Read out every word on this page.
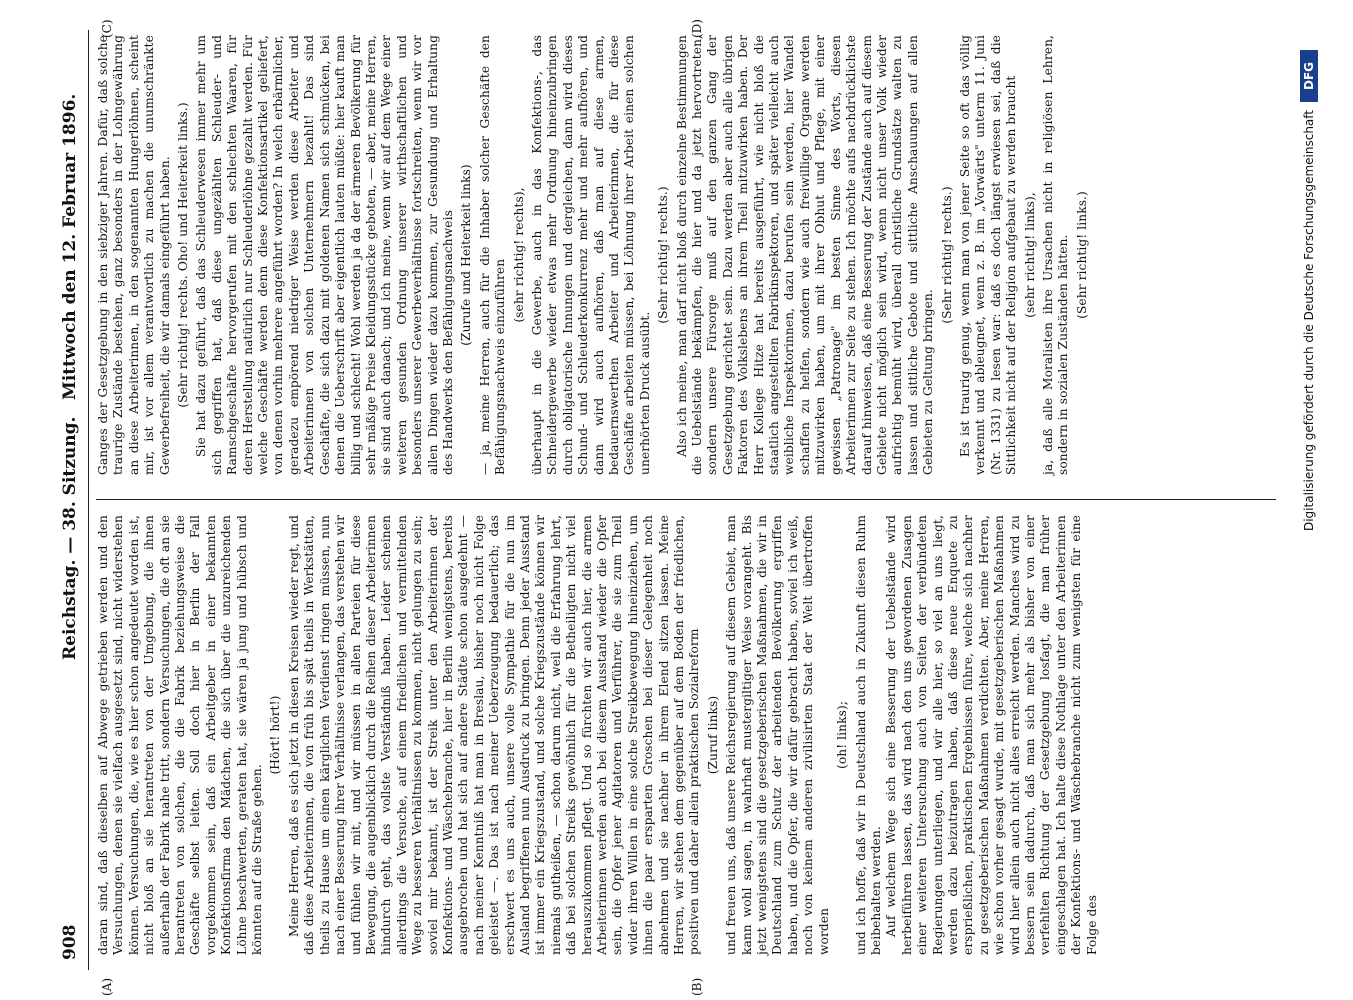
908
Reichstag. — 38. Sitzung.
Mittwoch den 12. Februar 1896.
(A)	(B)
(C)	(D)

daran sind, daß dieselben auf Abwege getrieben werden und den Versuchungen, denen sie vielfach ausgesetzt sind, nicht widerstehen können. Versuchungen, die, wie es hier schon angedeutet worden ist, nicht bloß an sie herantreten von der Umgebung, die ihnen außerhalb der Fabrik nahe tritt, sondern Versuchungen, die oft an sie herantreten von solchen, die die Fabrik beziehungsweise die Geschäfte selbst leiten. Soll doch hier in Berlin der Fall vorgekommen sein, daß ein Arbeitgeber in einer bekannten Konfektionsfirma den Mädchen, die sich über die unzureichenden Löhne beschwerten, geraten hat, sie wären ja jung und hübsch und könnten auf die Straße gehen.

(Hört! hört!) Meine Herren, daß es sich jetzt in diesen Kreisen wieder regt, und daß diese Arbeiterinnen, die von früh bis spät theils in Werkstätten, theils zu Hause um einen kärglichen Verdienst ringen müssen, nun nach einer Besserung ihrer Verhältnisse verlangen, das verstehen wir und fühlen wir mit, und wir müssen in allen Parteien für diese Bewegung, die augenblicklich durch die Reihen dieser Arbeiterinnen hindurch geht, das vollste Verständniß haben. Leider scheinen allerdings die Versuche, auf einem friedlichen und vermittelnden Wege zu besseren Verhältnissen zu kommen, nicht gelungen zu sein; soviel mir bekannt, ist der Streik unter den Arbeiterinnen der Konfektions- und Wäschebranche, hier in Berlin wenigstens, bereits ausgebrochen und hat sich auf andere Städte schon ausgedehnt — nach meiner Kenntniß hat man in Breslau, bisher noch nicht Folge geleistet —. Das ist nach meiner Ueberzeugung bedauerlich; das erschwert es uns auch, unsere volle Sympathie für die nun im Ausland begriffenen nun Ausdruck zu bringen. Denn jeder Ausstand ist immer ein Kriegszustand, und solche Kriegszustände können wir niemals gutheißen, — schon darum nicht, weil die Erfahrung lehrt, daß bei solchen Streiks gewöhnlich für die Betheiligten nicht viel herauszukommen pflegt. Und so fürchten wir auch hier, die armen Arbeiterinnen werden auch bei diesem Ausstand wieder die Opfer sein, die Opfer jener Agitatoren und Verführer, die sie zum Theil wider ihren Willen in eine solche Streikbewegung hineinziehen, um ihnen die paar ersparten Groschen bei dieser Gelegenheit noch abnehmen und sie nachher in ihrem Elend sitzen lassen. Meine Herren, wir stehen dem gegenüber auf dem Boden der friedlichen, positiven und daher allein praktischen Sozialreform (Zuruf links) und freuen uns, daß unsere Reichsregierung auf diesem Gebiet, man kann wohl sagen, in wahrhaft mustergiltiger Weise vorangeht. Bis jetzt wenigstens sind die gesetzgeberischen Maßnahmen, die wir in Deutschland zum Schutz der arbeitenden Bevölkerung ergriffen haben, und die Opfer, die wir dafür gebracht haben, soviel ich weiß, noch von keinem anderen zivilisirten Staat der Welt übertroffen worden

(oh! links); und ich hoffe, daß wir in Deutschland auch in Zukunft diesen Ruhm beibehalten werden. Auf welchem Wege sich eine Besserung der Uebelstände wird herbeiführen lassen, das wird nach den uns gewordenen Zusagen einer weiteren Untersuchung auch von Seiten der verbündeten Regierungen unterliegen, und wir alle hier, so viel an uns liegt, werden dazu beizutragen haben, daß diese neue Enquete zu ersprießlichen, praktischen Ergebnissen führe, welche sich nachher zu gesetzgeberischen Maßnahmen verdichten. Aber, meine Herren, wie schon vorher gesagt wurde, mit gesetzgeberischen Maßnahmen wird hier allein auch nicht alles erreicht werden. Manches wird zu bessern sein dadurch, daß man sich mehr als bisher von einer verfehlten Richtung der Gesetzgebung losfagt, die man früher eingeschlagen hat. Ich halte diese Nothlage unter den Arbeiterinnen der Konfektions- und Wäschebranche nicht zum wenigsten für eine Folge des

Ganges der Gesetzgebung in den siebziger Jahren. Dafür, daß solche traurige Zustände bestehen, ganz besonders in der Lohngewährung an diese Arbeiterinnen, in den sogenannten Hungerlöhnen, scheint mir, ist vor allem verantwortlich zu machen die unumschränkte Gewerbefreiheit, die wir damals eingeführt haben. (Sehr richtig! rechts. Oho! und Heiterkeit links.) Sie hat dazu geführt, daß das Schleuderwesen immer mehr um sich gegriffen hat, daß diese ungezählten Schleuder- und Ramschgeschäfte hervorgerufen mit den schlechten Waaren, für deren Herstellung natürlich nur Schleuderlöhne gezahlt werden. Für welche Geschäfte werden denn diese Konfektionsartikel geliefert, von denen vorhin mehrere angeführt worden? In welch erbärmlicher, geradezu empörend niedriger Weise werden diese Arbeiter und Arbeiterinnen von solchen Unternehmern bezahlt! Das sind Geschäfte, die sich dazu mit goldenen Namen sich schmücken, bei denen die Ueberschrift aber eigentlich lauten müßte: hier kauft man billig und schlecht! Wohl werden ja da der ärmeren Bevölkerung für sehr mäßige Preise Kleidungsstücke geboten, — aber, meine Herren, sie sind auch danach; und ich meine, wenn wir auf dem Wege einer weiteren gesunden Ordnung unserer wirthschaftlichen und besonders unserer Gewerbeverhältnisse fortschreiten, wenn wir vor allen Dingen wieder dazu kommen, zur Gesundung und Erhaltung des Handwerks den Befähigungsnachweis (Zurufe und Heiterkeit links) — ja, meine Herren, auch für die Inhaber solcher Geschäfte den Befähigungsnachweis einzuführen

(sehr richtig! rechts), überhaupt in die Gewerbe, auch in das Konfektions-, das Schneidergewerbe wieder etwas mehr Ordnung hineinzubringen durch obligatorische Innungen und dergleichen, dann wird dieses Schund- und Schleuderkonkurrenz mehr und mehr aufhören, und dann wird auch aufhören, daß man auf diese armen, bedauernswerthen Arbeiter und Arbeiterinnen, die für diese Geschäfte arbeiten müssen, bei Löhnung ihrer Arbeit einen solchen unerhörten Druck ausübt.

(Sehr richtig! rechts.) Also ich meine, man darf nicht bloß durch einzelne Bestimmungen die Uebelstände bekämpfen, die hier und da jetzt hervortreten, sondern unsere Fürsorge muß auf den ganzen Gang der Gesetzgebung gerichtet sein. Dazu werden aber auch alle übrigen Faktoren des Volkslebens an ihrem Theil mitzuwirken haben. Der Herr Kollege Hitze hat bereits ausgeführt, wie nicht bloß die staatlich angestellten Fabrikinspektoren, und später vielleicht auch weibliche Inspektorinnen, dazu berufen sein werden, hier Wandel schaffen zu helfen, sondern wie auch freiwillige Organe werden mitzuwirken haben, um mit ihrer Obhut und Pflege, mit einer gewissen „Patronage" im besten Sinne des Worts, diesen Arbeiterinnen zur Seite zu stehen. Ich möchte aufs nachdrücklichste darauf hinweisen, daß eine Besserung der Zustände auch auf diesem Gebiete nicht möglich sein wird, wenn nicht unser Volk wieder aufrichtig bemüht wird, überall christliche Grundsätze walten zu lassen und sittliche Gebote und sittliche Anschauungen auf allen Gebieten zu Geltung bringen.

(Sehr richtig! rechts.) Es ist traurig genug, wenn man von jener Seite so oft das völlig verkennt und ableugnet, wenn z. B. im „Vorwärts" unterm 11. Juni (Nr. 1331) zu lesen war: daß es doch längst erwiesen sei, daß die Sittlichkeit nicht auf der Religion aufgebaut zu werden braucht (sehr richtig! links), ja, daß alle Moralisten ihre Ursachen nicht in religiösen Lehren, sondern in sozialen Zuständen hätten. (Sehr richtig! links.)	Digitalisierung gefördert durch die Deutsche Forschungsgemeinschaft
DFG
